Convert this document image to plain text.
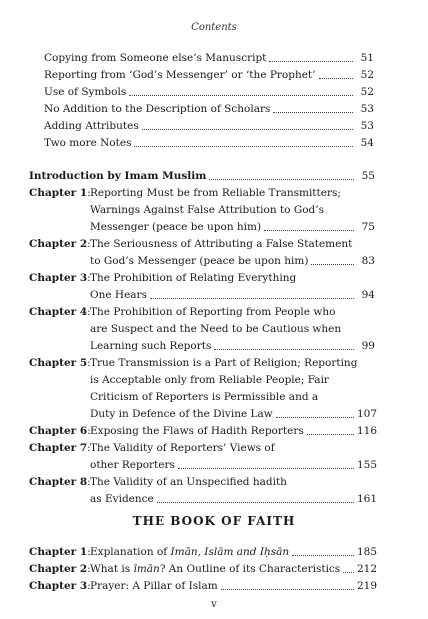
Contents
Copying from Someone else’s Manuscript	51
Reporting from ‘God’s Messenger’ or ‘the Prophet’	52
Use of Symbols	52
No Addition to the Description of Scholars	53
Adding Attributes	53
Two more Notes	54
Introduction by Imam Muslim	55
Chapter 1: Reporting Must be from Reliable Transmitters;
Warnings Against False Attribution to God’s
Messenger (peace be upon him)	75
Chapter 2: The Seriousness of Attributing a False Statement
to God’s Messenger (peace be upon him)	83
Chapter 3: The Prohibition of Relating Everything
One Hears	94
Chapter 4: The Prohibition of Reporting from People who
are Suspect and the Need to be Cautious when
Learning such Reports	99
Chapter 5: True Transmission is a Part of Religion; Reporting
is Acceptable only from Reliable People; Fair
Criticism of Reporters is Permissible and a
Duty in Defence of the Divine Law	107
Chapter 6: Exposing the Flaws of Hadith Reporters	116
Chapter 7: The Validity of Reporters’ Views of
other Reporters	155
Chapter 8: The Validity of an Unspecified hadith
as Evidence	161
THE BOOK OF FAITH
Chapter 1: Explanation of Imān, Islām and Iḥsān	185
Chapter 2: What is īmān? An Outline of its Characteristics 212
Chapter 3: Prayer: A Pillar of Islam	219
v
